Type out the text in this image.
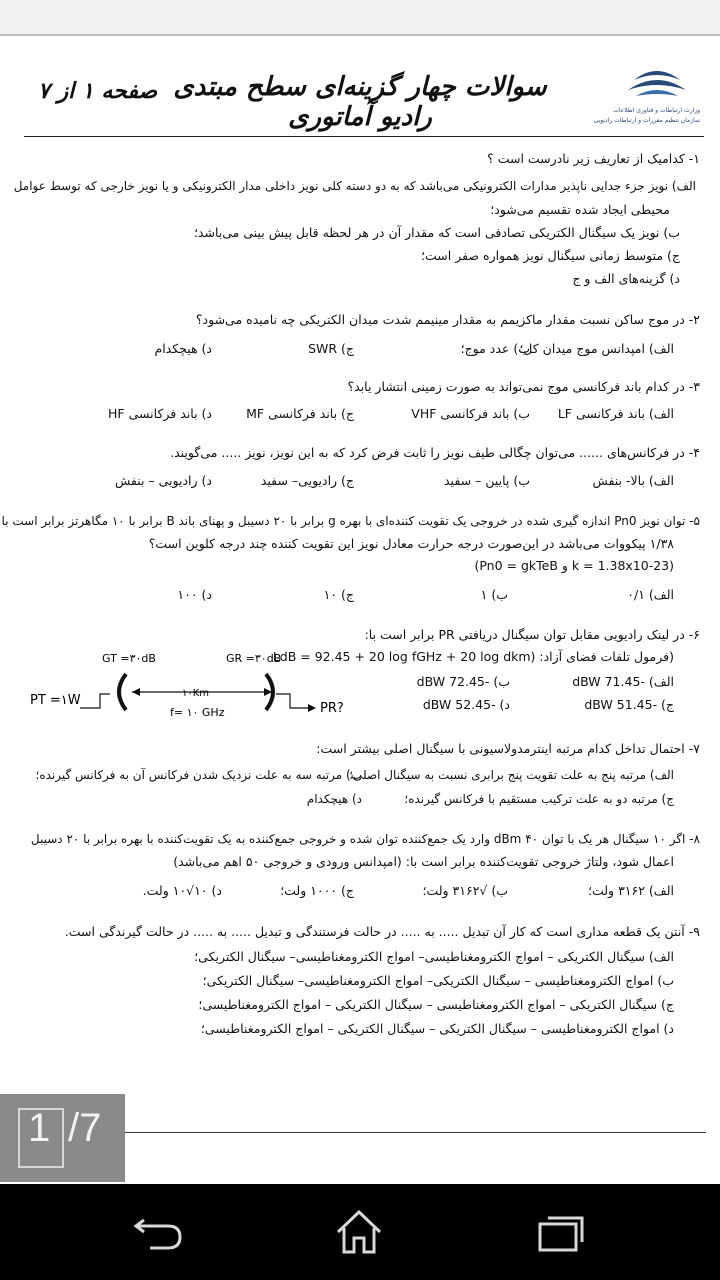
سوالات چهار گزینه‌ای سطح مبتدی رادیو آماتوری
صفحه ۱ از ۷
وزارت ارتباطات و فناوری اطلاعات
سازمان تنظیم مقررات و ارتباطات رادیویی
۱- کدامیک از تعاریف زیر نادرست است ؟
الف) نویز جزء جدایی ناپذیر مدارات الکترونیکی می‌باشد که به دو دسته کلی نویز داخلی مدار الکترونیکی و یا نویز خارجی که توسط عوامل
محیطی ایجاد شده تقسیم می‌شود؛
ب) نویز یک سیگنال الکتریکی تصادفی است که مقدار آن در هر لحظه قابل پیش بینی می‌باشد؛
ج) متوسط زمانی سیگنال نویز همواره صفر است؛
د) گزینه‌های الف و ج
۲- در موج ساکن نسبت مقدار ماکزیمم به مقدار مینیمم شدت میدان الکتریکی چه نامیده می‌شود؟
الف) امپدانس موج میدان کل؛
ب) عدد موج؛
ج) SWR
د) هیچکدام
۳- در کدام باند فرکانسی موج نمی‌تواند به صورت زمینی انتشار یابد؟
الف) باند فرکانسی LF
ب) باند فرکانسی VHF
ج) باند فرکانسی MF
د) باند فرکانسی HF
۴- در فرکانس‌های ...... می‌توان چگالی طیف نویز را ثابت فرض کرد که به این نویز، نویز ..... می‌گویند.
الف) بالا- بنفش
ب) پایین – سفید
ج) رادیویی– سفید
د) رادیویی – بنفش
۵- توان نویز Pn0 اندازه گیری شده در خروجی یک تقویت کننده‌ای با بهره g برابر با ۲۰ دسیبل و پهنای باند B برابر با ۱۰ مگاهرتز برابر است با
۱/۳۸ پیکووات می‌باشد در این‌صورت درجه حرارت معادل نویز این تقویت کننده چند درجه کلوین است؟
(Pn0 = gkTeB و k = 1.38x10-23)
الف) ۰/۱
ب) ۱
ج) ۱۰
د) ۱۰۰
۶- در لینک رادیویی مقابل توان سیگنال دریافتی PR برابر است با:
(فرمول تلفات فضای آزاد: (LdB = 92.45 + 20 log fGHz + 20 log dkm
الف) -71.45 dBW
ب) -72.45 dBW
ج) -51.45 dBW
د) -52.45 dBW
GT =۳۰dB	GR =۳۰dB
PT =۱W	۱۰Km
f= ۱۰ GHz	PR?
۷- احتمال تداخل کدام مرتبه اینترمدولاسیونی با سیگنال اصلی بیشتر است:
الف) مرتبه پنج به علت تقویت پنج برابری نسبت به سیگنال اصلی؛
ب) مرتبه سه به علت نزدیک شدن فرکانس آن به فرکانس گیرنده؛
ج) مرتبه دو به علت ترکیب مستقیم با فرکانس گیرنده؛
د) هیچکدام
۸- اگر ۱۰ سیگنال هر یک با توان ۴۰ dBm وارد یک جمع‌کننده توان شده و خروجی جمع‌کننده به یک تقویت‌کننده با بهره برابر با ۲۰ دسیبل
اعمال شود، ولتاژ خروجی تقویت‌کننده برابر است با: (امپدانس ورودی و خروجی ۵۰ اهم می‌باشد)
الف) ۳۱۶۲ ولت؛
ب) √۳۱۶۲ ولت؛
ج) ۱۰۰۰ ولت؛
د) ۱۰√۱۰ ولت.
۹- آنتن یک قطعه مداری است که کار آن تبدیل ..... به ..... در حالت فرستندگی و تبدیل ..... به ..... در حالت گیرندگی است.
الف) سیگنال الکتریکی – امواج الکترومغناطیسی– امواج الکترومغناطیسی– سیگنال الکتریکی؛
ب) امواج الکترومغناطیسی – سیگنال الکتریکی– امواج الکترومغناطیسی– سیگنال الکتریکی؛
ج) سیگنال الکتریکی – امواج الکترومغناطیسی – سیگنال الکتریکی – امواج الکترومغناطیسی؛
د) امواج الکترومغناطیسی – سیگنال الکتریکی – سیگنال الکتریکی – امواج الکترومغناطیسی؛
1 /7
